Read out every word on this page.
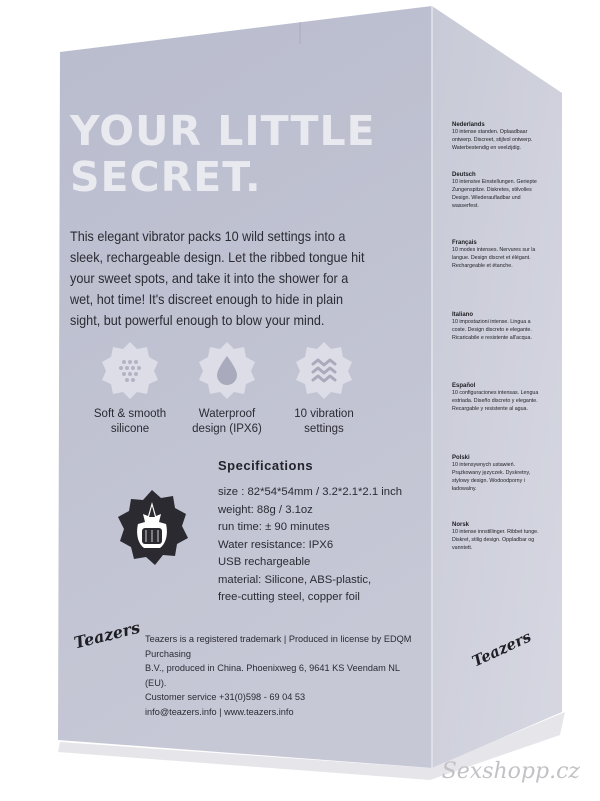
YOUR LITTLE
SECRET.

This elegant vibrator packs 10 wild settings into a sleek, rechargeable design. Let the ribbed tongue hit your sweet spots, and take it into the shower for a wet, hot time! It's discreet enough to hide in plain sight, but powerful enough to blow your mind.

Soft & smooth
silicone
Waterproof
design (IPX6)
10 vibration
settings
Specifications
size : 82*54*54mm / 3.2*2.1*2.1 inch
weight: 88g / 3.1oz
run time: ± 90 minutes
Water resistance: IPX6
USB rechargeable
material: Silicone, ABS-plastic,
free-cutting steel, copper foil
Teazers Teazers is a registered trademark | Produced in license by EDQM Purchasing
B.V., produced in China. Phoenixweg 6, 9641 KS Veendam NL (EU).
Customer service +31(0)598 - 69 04 53
info@teazers.info | www.teazers.info
Nederlands

10 intense standen. Oplaadbaar ontwerp. Discreet, stijlvol ontwerp. Waterbestendig en veelzijdig.

Deutsch

10 intensive Einstellungen. Geriepte Zungenspitze. Diskretes, stilvolles Design. Wiederaufladbar und wasserfest.

Français

10 modes intenses. Nervures sur la langue. Design discret et élégant. Rechargeable et étanche.

Italiano

10 impostazioni intense. Lingua a coste. Design discreto e elegante. Ricaricabile e resistente all'acqua.

Español

10 configuraciones intensas. Lengua estriada. Diseño discreto y elegante. Recargable y resistente al agua.

Polski

10 intensywnych ustawień. Prążkowany języczek. Dyskretny, stylowy design. Wodoodporny i ładowalny.

Norsk

10 intense innstillinger. Ribbet tunge. Diskret, stilig design. Oppladbar og vanntett.

Teazers
Sexshopp.cz
